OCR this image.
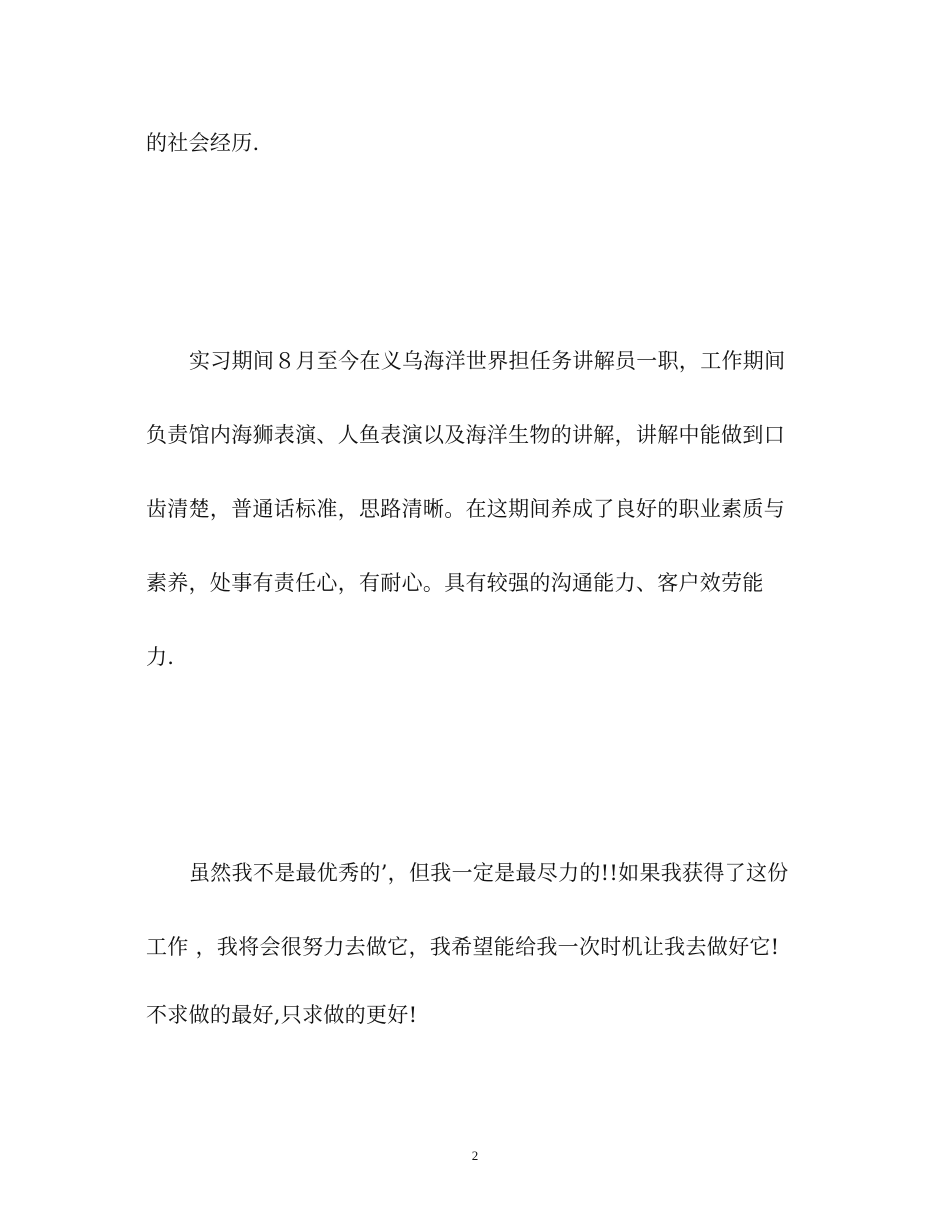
的社会经历.
实习期间８月至今在义乌海洋世界担任务讲解员一职，工作期间
负责馆内海狮表演、人鱼表演以及海洋生物的讲解，讲解中能做到口
齿清楚，普通话标准，思路清晰。在这期间养成了良好的职业素质与
素养，处事有责任心，有耐心。具有较强的沟通能力、客户效劳能
力.
虽然我不是最优秀的’，但我一定是最尽力的!!如果我获得了这份
工作 ，我将会很努力去做它，我希望能给我一次时机让我去做好它!
不求做的最好,只求做的更好!
2
